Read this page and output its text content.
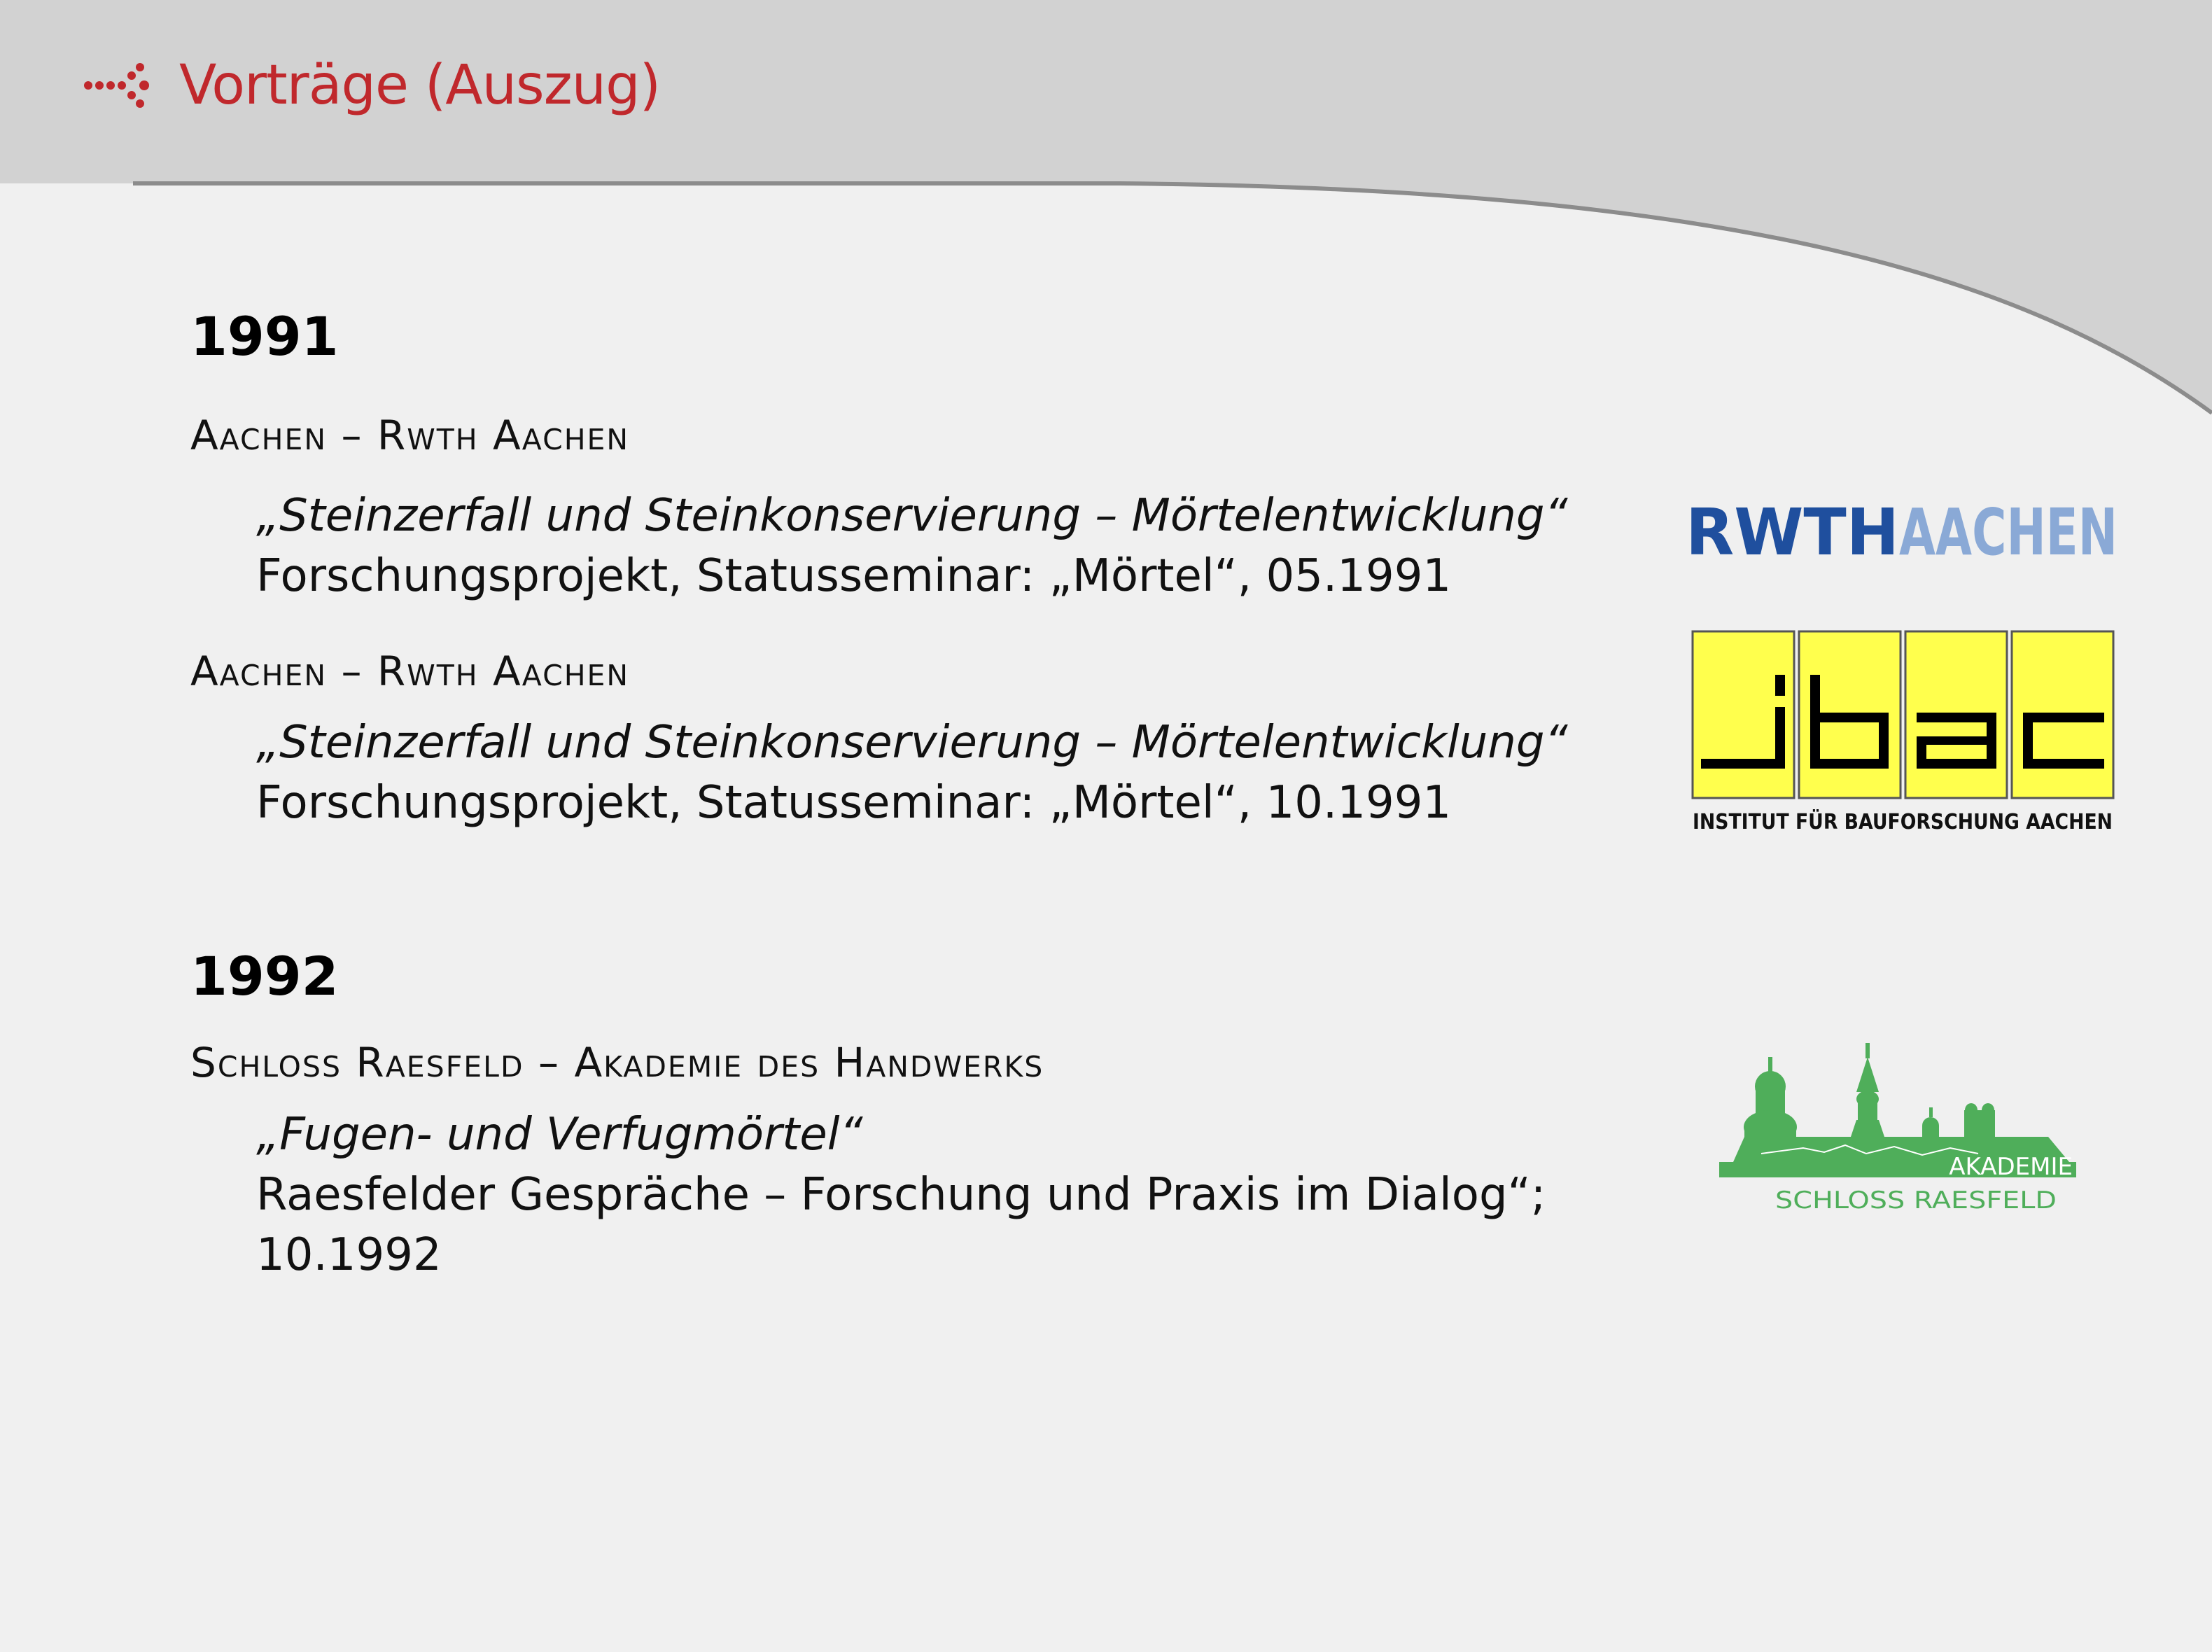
Vorträge (Auszug)
1991
Aachen – Rwth Aachen
„Steinzerfall und Steinkonservierung – Mörtelentwicklung“
Forschungsprojekt, Statusseminar: „Mörtel“, 05.1991
Aachen – Rwth Aachen
„Steinzerfall und Steinkonservierung – Mörtelentwicklung“
Forschungsprojekt, Statusseminar: „Mörtel“, 10.1991
1992
Schloss Raesfeld – Akademie des Handwerks
„Fugen- und Verfugmörtel“
Raesfelder Gespräche – Forschung und Praxis im Dialog“;
10.1992
RWTH AACHEN
INSTITUT FÜR BAUFORSCHUNG AACHEN
AKADEMIE
SCHLOSS RAESFELD
